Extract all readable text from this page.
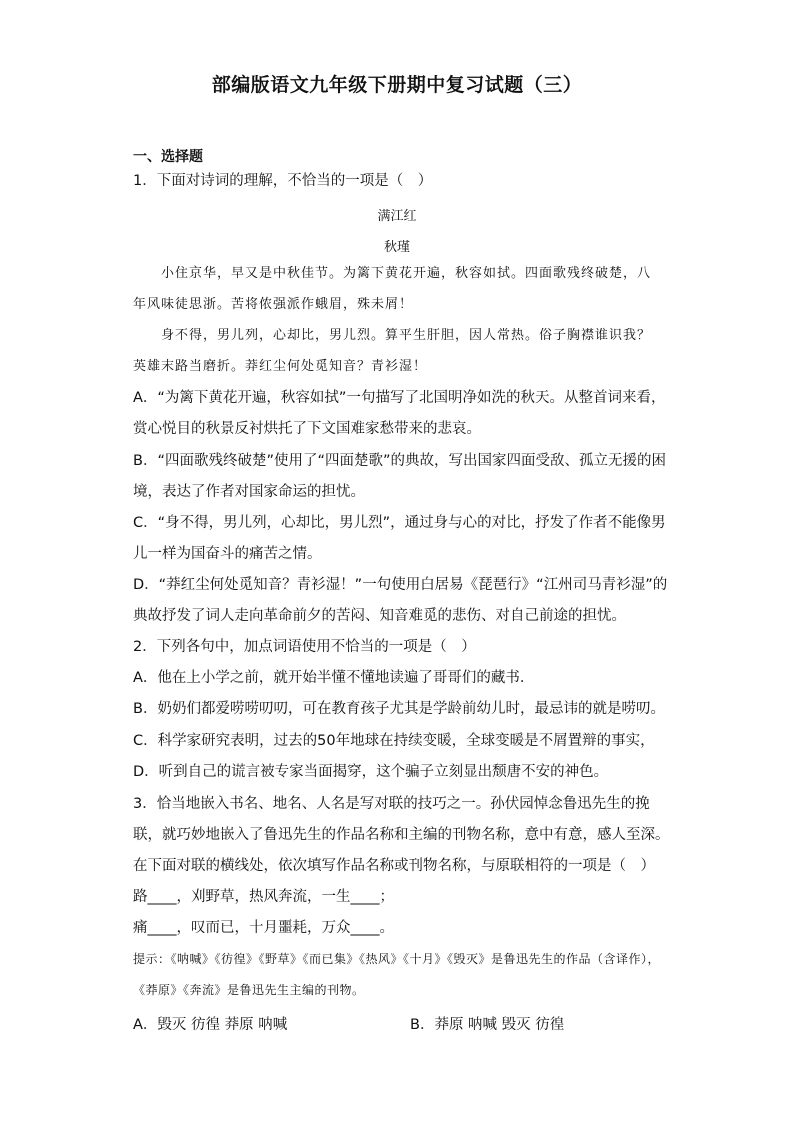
部编版语文九年级下册期中复习试题（三）
一、选择题
1．下面对诗词的理解，不恰当的一项是（　）
满江红
秋瑾
小住京华，早又是中秋佳节。为篱下黄花开遍，秋容如拭。四面歌残终破楚，八年风味徒思浙。苦将侬强派作蛾眉，殊未屑！
身不得，男儿列，心却比，男儿烈。算平生肝胆，因人常热。俗子胸襟谁识我？英雄末路当磨折。莽红尘何处觅知音？青衫湿！
A．“为篱下黄花开遍，秋容如拭”一句描写了北国明净如洗的秋天。从整首词来看，赏心悦目的秋景反衬烘托了下文国难家愁带来的悲哀。
B．“四面歌残终破楚”使用了“四面楚歌”的典故，写出国家四面受敌、孤立无援的困境，表达了作者对国家命运的担忧。
C．“身不得，男儿列，心却比，男儿烈”，通过身与心的对比，抒发了作者不能像男儿一样为国奋斗的痛苦之情。
D．“莽红尘何处觅知音？青衫湿！”一句使用白居易《琵琶行》“江州司马青衫湿”的典故抒发了词人走向革命前夕的苦闷、知音难觅的悲伤、对自己前途的担忧。
2．下列各句中，加点词语使用不恰当的一项是（　）
A．他在上小学之前，就开始半懂不懂地读遍了哥哥们的藏书．
B．奶奶们都爱唠唠叨叨，可在教育孩子尤其是学龄前幼儿时，最忌讳的就是唠叨。
C．科学家研究表明，过去的50年地球在持续变暖，全球变暖是不屑置辩的事实，
D．听到自己的谎言被专家当面揭穿，这个骗子立刻显出颓唐不安的神色。
3．恰当地嵌入书名、地名、人名是写对联的技巧之一。孙伏园悼念鲁迅先生的挽联，就巧妙地嵌入了鲁迅先生的作品名称和主编的刊物名称，意中有意，感人至深。在下面对联的横线处，依次填写作品名称或刊物名称，与原联相符的一项是（　）
路____，刈野草，热风奔流，一生____；
痛____，叹而已，十月噩耗，万众____。
提示：《呐喊》《彷徨》《野草》《而已集》《热风》《十月》《毁灭》是鲁迅先生的作品（含译作），《莽原》《奔流》是鲁迅先生主编的刊物。
A．毁灭 彷徨 莽原 呐喊	B．莽原 呐喊 毁灭 彷徨
